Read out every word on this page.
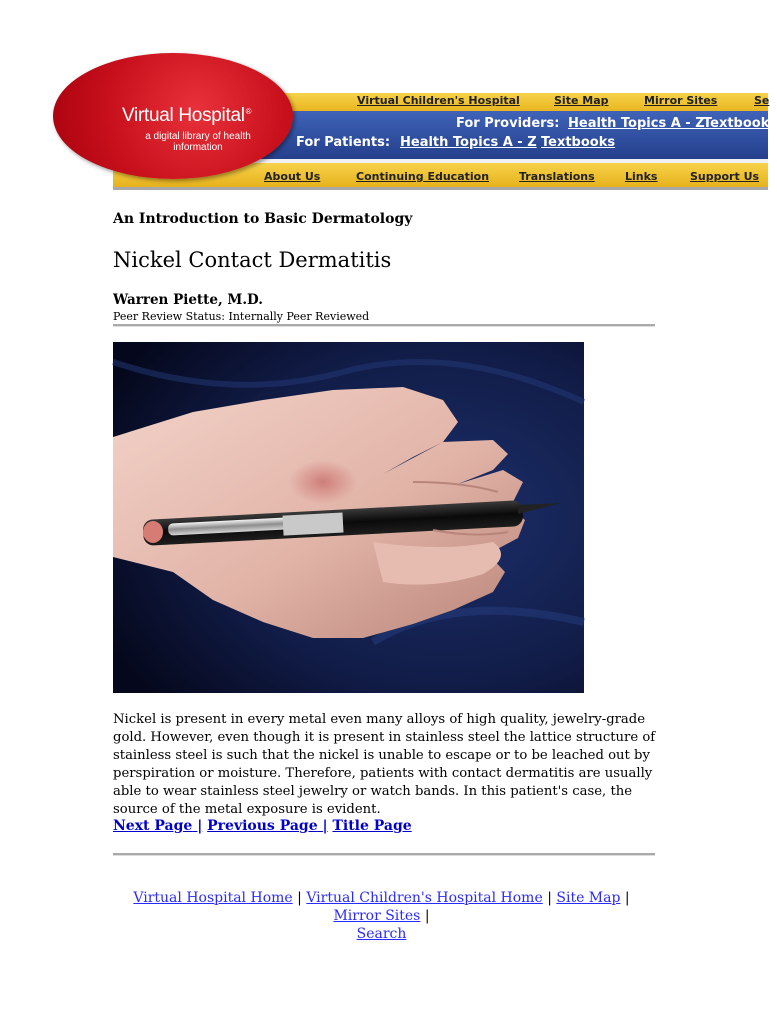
Virtual Children's Hospital	Site Map	Mirror Sites	Se
For Providers: Health Topics A - Z
Textbooks
For Patients: Health Topics A - Z Textbooks
About Us	Continuing Education	Translations	Links	Support Us
Virtual Hospital®
a digital library of health information
An Introduction to Basic Dermatology
Nickel Contact Dermatitis
Warren Piette, M.D.
Peer Review Status: Internally Peer Reviewed

Nickel is present in every metal even many alloys of high quality, jewelry-grade gold. However, even though it is present in stainless steel the lattice structure of stainless steel is such that the nickel is unable to escape or to be leached out by perspiration or moisture. Therefore, patients with contact dermatitis are usually able to wear stainless steel jewelry or watch bands. In this patient's case, the source of the metal exposure is evident.

Next Page | Previous Page | Title Page
Virtual Hospital Home | Virtual Children's Hospital Home | Site Map | Mirror Sites |
Search
